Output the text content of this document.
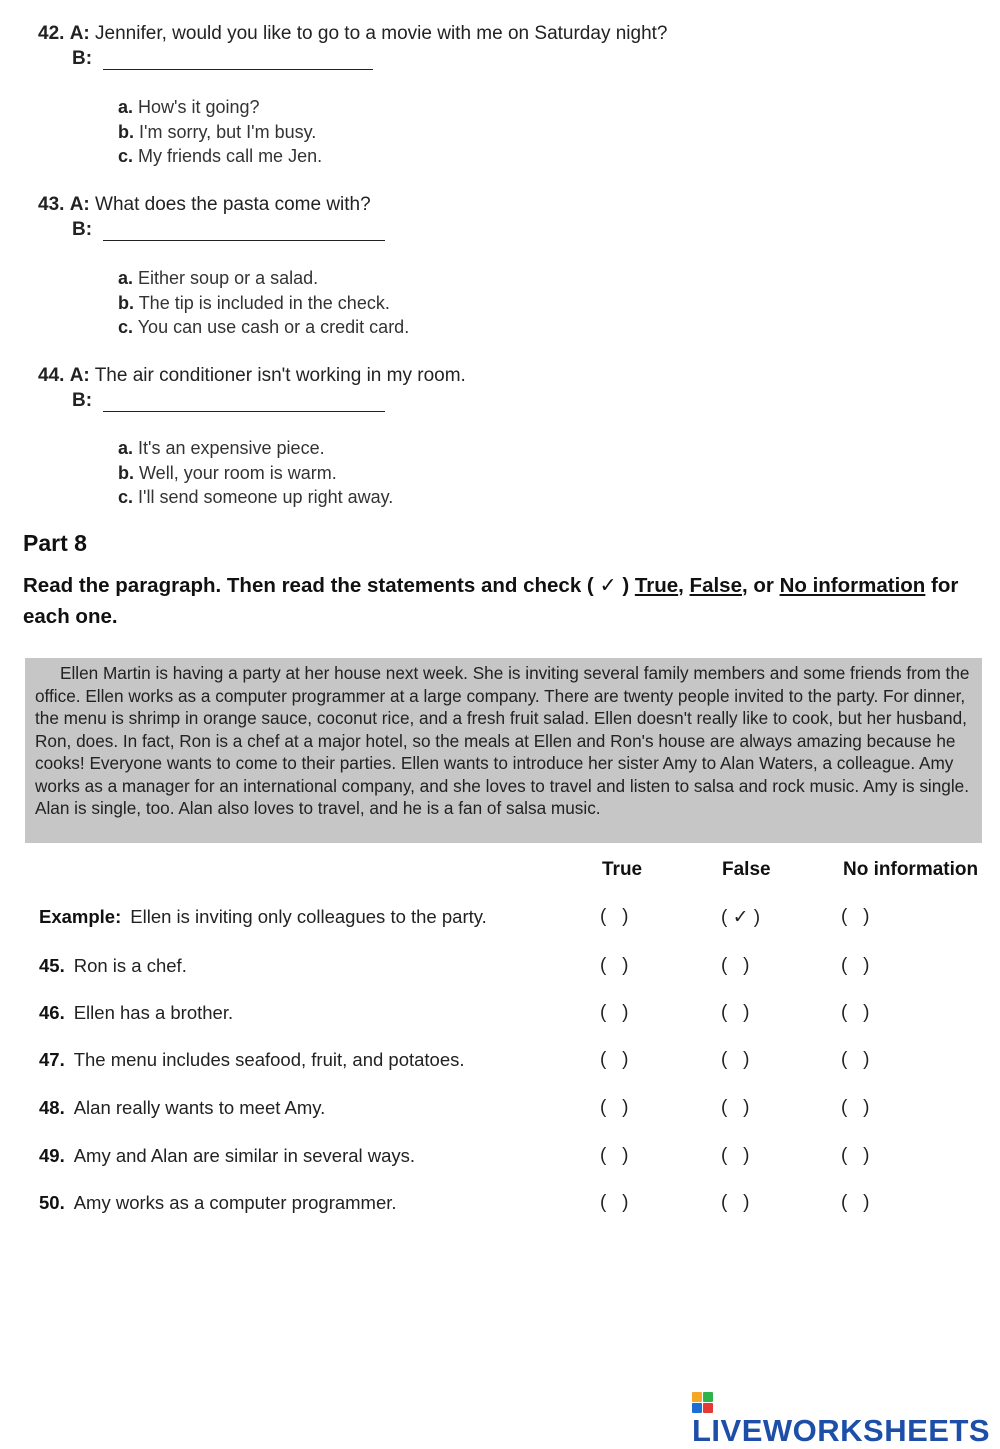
42. A: Jennifer, would you like to go to a movie with me on Saturday night?
B:
a. How's it going?
b. I'm sorry, but I'm busy.
c. My friends call me Jen.
43. A: What does the pasta come with?
B:
a. Either soup or a salad.
b. The tip is included in the check.
c. You can use cash or a credit card.
44. A: The air conditioner isn't working in my room.
B:
a. It's an expensive piece.
b. Well, your room is warm.
c. I'll send someone up right away.
Part 8
Read the paragraph. Then read the statements and check ( ✓ ) True, False, or No information for each one.

Ellen Martin is having a party at her house next week. She is inviting several family members and some friends from the office. Ellen works as a computer programmer at a large company. There are twenty people invited to the party. For dinner, the menu is shrimp in orange sauce, coconut rice, and a fresh fruit salad. Ellen doesn't really like to cook, but her husband, Ron, does. In fact, Ron is a chef at a major hotel, so the meals at Ellen and Ron's house are always amazing because he cooks! Everyone wants to come to their parties. Ellen wants to introduce her sister Amy to Alan Waters, a colleague. Amy works as a manager for an international company, and she loves to travel and listen to salsa and rock music. Amy is single. Alan is single, too. Alan also loves to travel, and he is a fan of salsa music.

True	False	No information
Example: Ellen is inviting only colleagues to the party.	(   )	( ✓ )	(   )
45. Ron is a chef.	(   )	(   )	(   )
46. Ellen has a brother.	(   )	(   )	(   )
47. The menu includes seafood, fruit, and potatoes.	(   )	(   )	(   )
48. Alan really wants to meet Amy.	(   )	(   )	(   )
49. Amy and Alan are similar in several ways.	(   )	(   )	(   )
50. Amy works as a computer programmer.	(   )	(   )	(   )
LIVEWORKSHEETS
